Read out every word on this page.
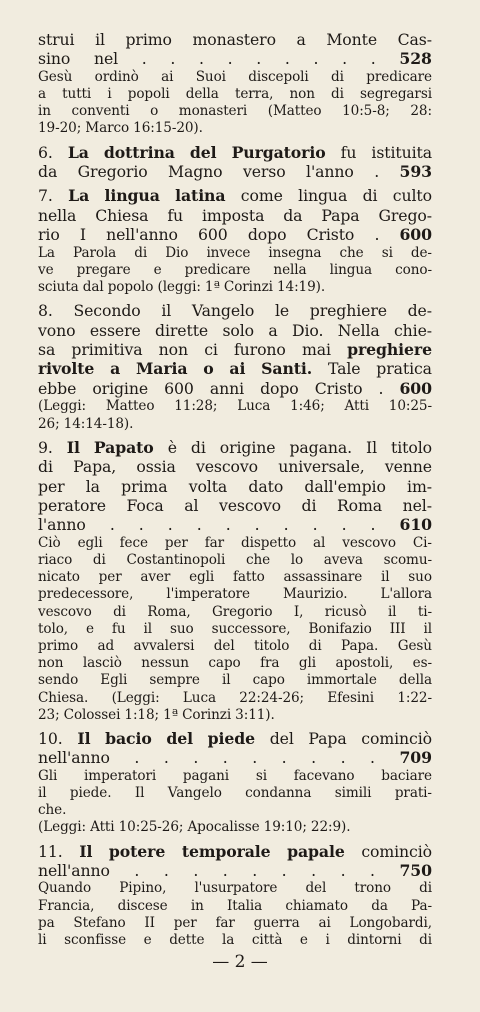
strui il primo monastero a Monte Cas-
sino nel . . . . . . . . . 528
Gesù ordinò ai Suoi discepoli di predicare
a tutti i popoli della terra, non di segregarsi
in conventi o monasteri (Matteo 10:5-8; 28:
19-20; Marco 16:15-20).
6. La dottrina del Purgatorio fu istituita
da Gregorio Magno verso l'anno . 593
7. La lingua latina come lingua di culto
nella Chiesa fu imposta da Papa Grego-
rio I nell'anno 600 dopo Cristo . 600
La Parola di Dio invece insegna che si de-
ve pregare e predicare nella lingua cono-
sciuta dal popolo (leggi: 1ª Corinzi 14:19).
8. Secondo il Vangelo le preghiere de-
vono essere dirette solo a Dio. Nella chie-
sa primitiva non ci furono mai preghiere
rivolte a Maria o ai Santi. Tale pratica
ebbe origine 600 anni dopo Cristo . 600
(Leggi: Matteo 11:28; Luca 1:46; Atti 10:25-
26; 14:14-18).
9. Il Papato è di origine pagana. Il titolo
di Papa, ossia vescovo universale, venne
per la prima volta dato dall'empio im-
peratore Foca al vescovo di Roma nel-
l'anno . . . . . . . . . . 610
Ciò egli fece per far dispetto al vescovo Ci-
riaco di Costantinopoli che lo aveva scomu-
nicato per aver egli fatto assassinare il suo
predecessore, l'imperatore Maurizio. L'allora
vescovo di Roma, Gregorio I, ricusò il ti-
tolo, e fu il suo successore, Bonifazio III il
primo ad avvalersi del titolo di Papa. Gesù
non lasciò nessun capo fra gli apostoli, es-
sendo Egli sempre il capo immortale della
Chiesa. (Leggi: Luca 22:24-26; Efesini 1:22-
23; Colossei 1:18; 1ª Corinzi 3:11).
10. Il bacio del piede del Papa cominciò
nell'anno . . . . . . . . . 709
Gli imperatori pagani si facevano baciare
il piede. Il Vangelo condanna simili prati-
che.
(Leggi: Atti 10:25-26; Apocalisse 19:10; 22:9).
11. Il potere temporale papale cominciò
nell'anno . . . . . . . . . 750
Quando Pipino, l'usurpatore del trono di
Francia, discese in Italia chiamato da Pa-
pa Stefano II per far guerra ai Longobardi,
li sconfisse e dette la città e i dintorni di
— 2 —
